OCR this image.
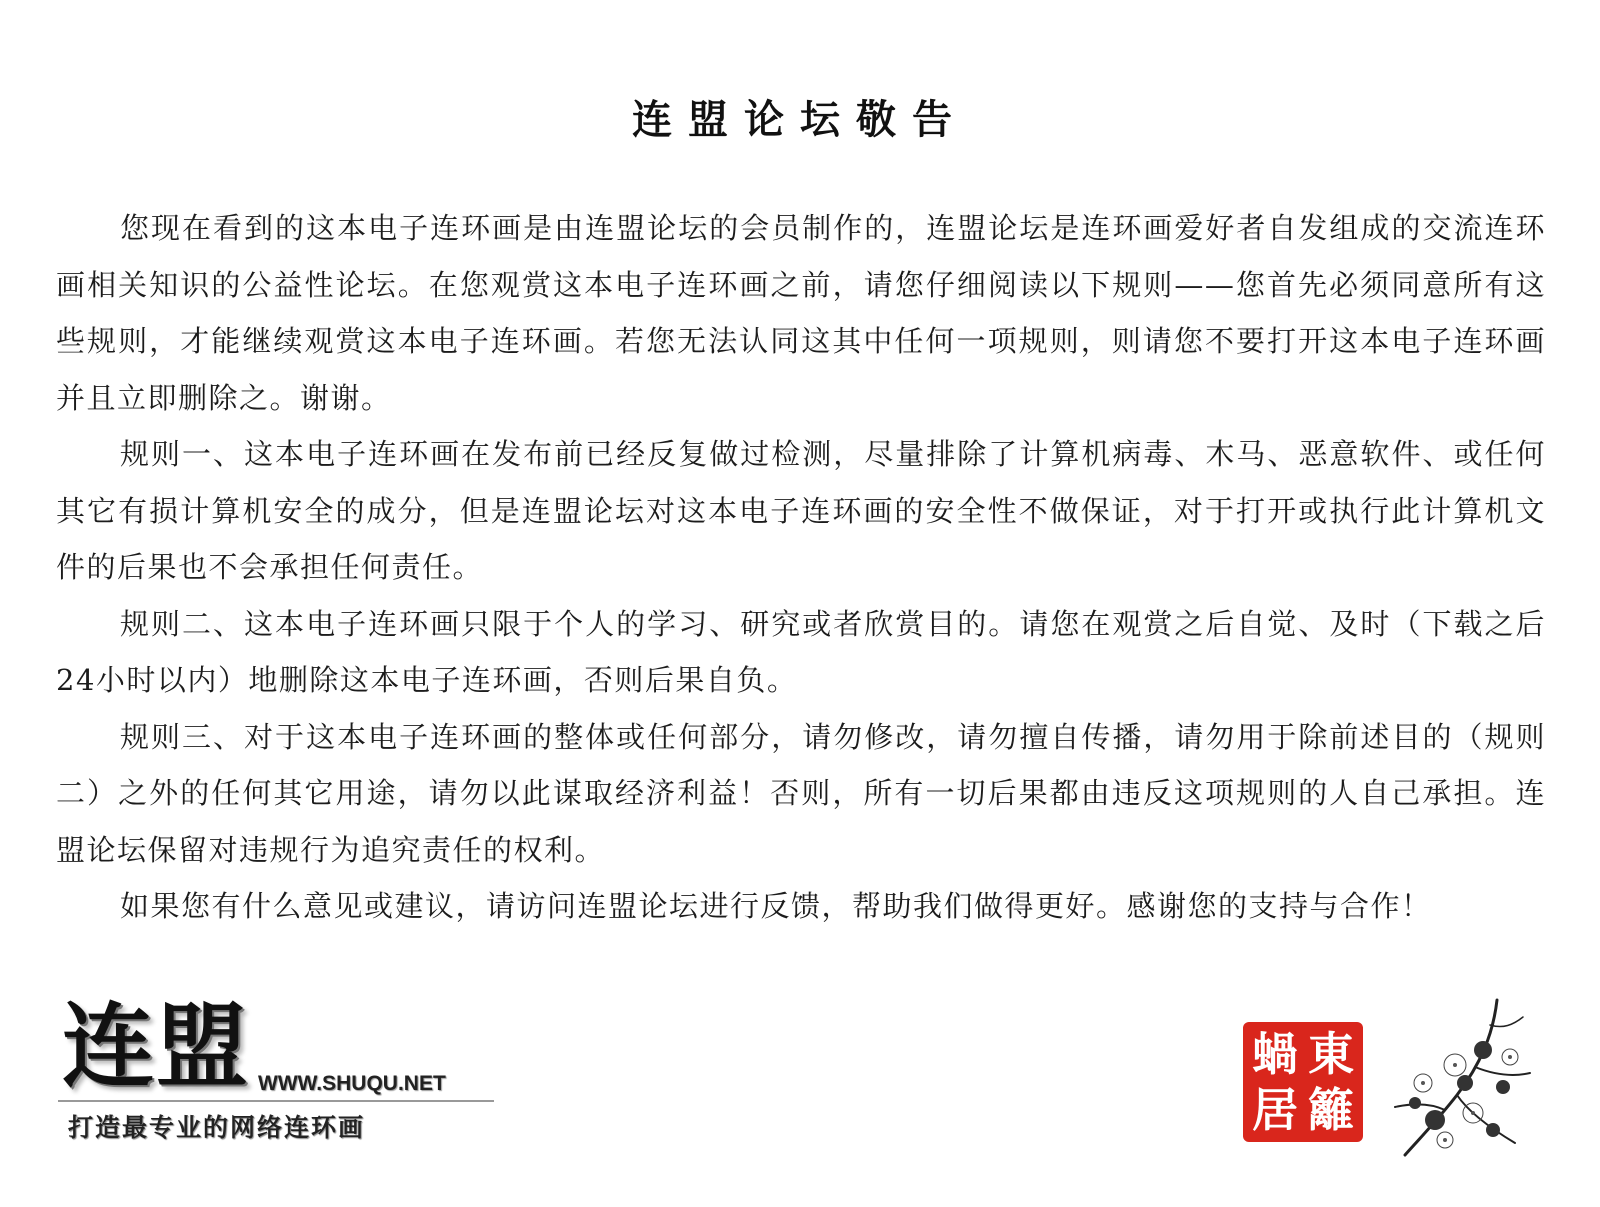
连盟论坛敬告

您现在看到的这本电子连环画是由连盟论坛的会员制作的，连盟论坛是连环画爱好者自发组成的交流连环画相关知识的公益性论坛。在您观赏这本电子连环画之前，请您仔细阅读以下规则——您首先必须同意所有这些规则，才能继续观赏这本电子连环画。若您无法认同这其中任何一项规则，则请您不要打开这本电子连环画并且立即删除之。谢谢。

规则一、这本电子连环画在发布前已经反复做过检测，尽量排除了计算机病毒、木马、恶意软件、或任何其它有损计算机安全的成分，但是连盟论坛对这本电子连环画的安全性不做保证，对于打开或执行此计算机文件的后果也不会承担任何责任。

规则二、这本电子连环画只限于个人的学习、研究或者欣赏目的。请您在观赏之后自觉、及时（下载之后24小时以内）地删除这本电子连环画，否则后果自负。

规则三、对于这本电子连环画的整体或任何部分，请勿修改，请勿擅自传播，请勿用于除前述目的（规则二）之外的任何其它用途，请勿以此谋取经济利益！否则，所有一切后果都由违反这项规则的人自己承担。连盟论坛保留对违规行为追究责任的权利。

如果您有什么意见或建议，请访问连盟论坛进行反馈，帮助我们做得更好。感谢您的支持与合作！

连盟 WWW.SHUQU.NET
打造最专业的网络连环画
蝸 東
居 籬
